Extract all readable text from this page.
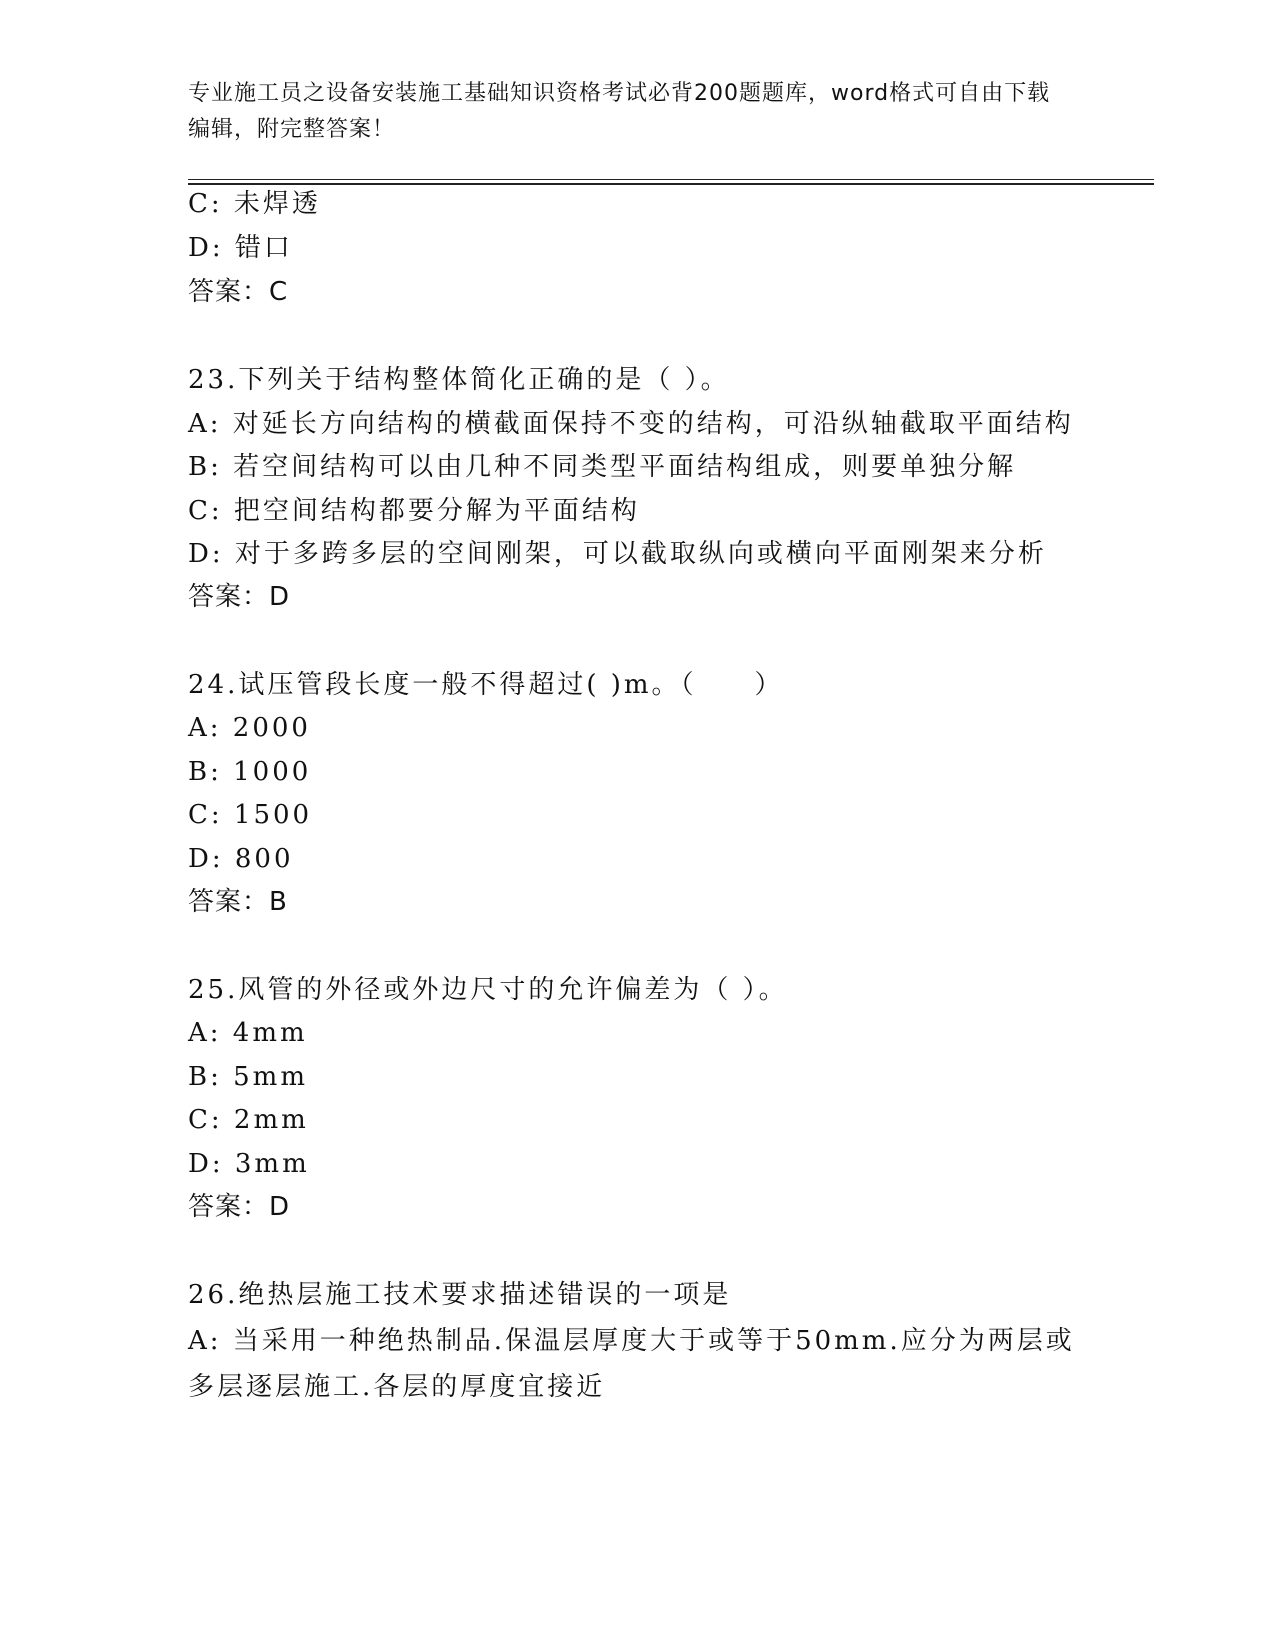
专业施工员之设备安装施工基础知识资格考试必背200题题库，word格式可自由下载编辑，附完整答案！
C: 未焊透
D: 错口
答案：C
23.下列关于结构整体简化正确的是（ ）。
A: 对延长方向结构的横截面保持不变的结构，可沿纵轴截取平面结构
B: 若空间结构可以由几种不同类型平面结构组成，则要单独分解
C: 把空间结构都要分解为平面结构
D: 对于多跨多层的空间刚架，可以截取纵向或横向平面刚架来分析
答案：D
24.试压管段长度一般不得超过( )m。（　　）
A: 2000
B: 1000
C: 1500
D: 800
答案：B
25.风管的外径或外边尺寸的允许偏差为（ ）。
A: 4mm
B: 5mm
C: 2mm
D: 3mm
答案：D
26.绝热层施工技术要求描述错误的一项是
A: 当采用一种绝热制品.保温层厚度大于或等于50mm.应分为两层或多层逐层施工.各层的厚度宜接近
